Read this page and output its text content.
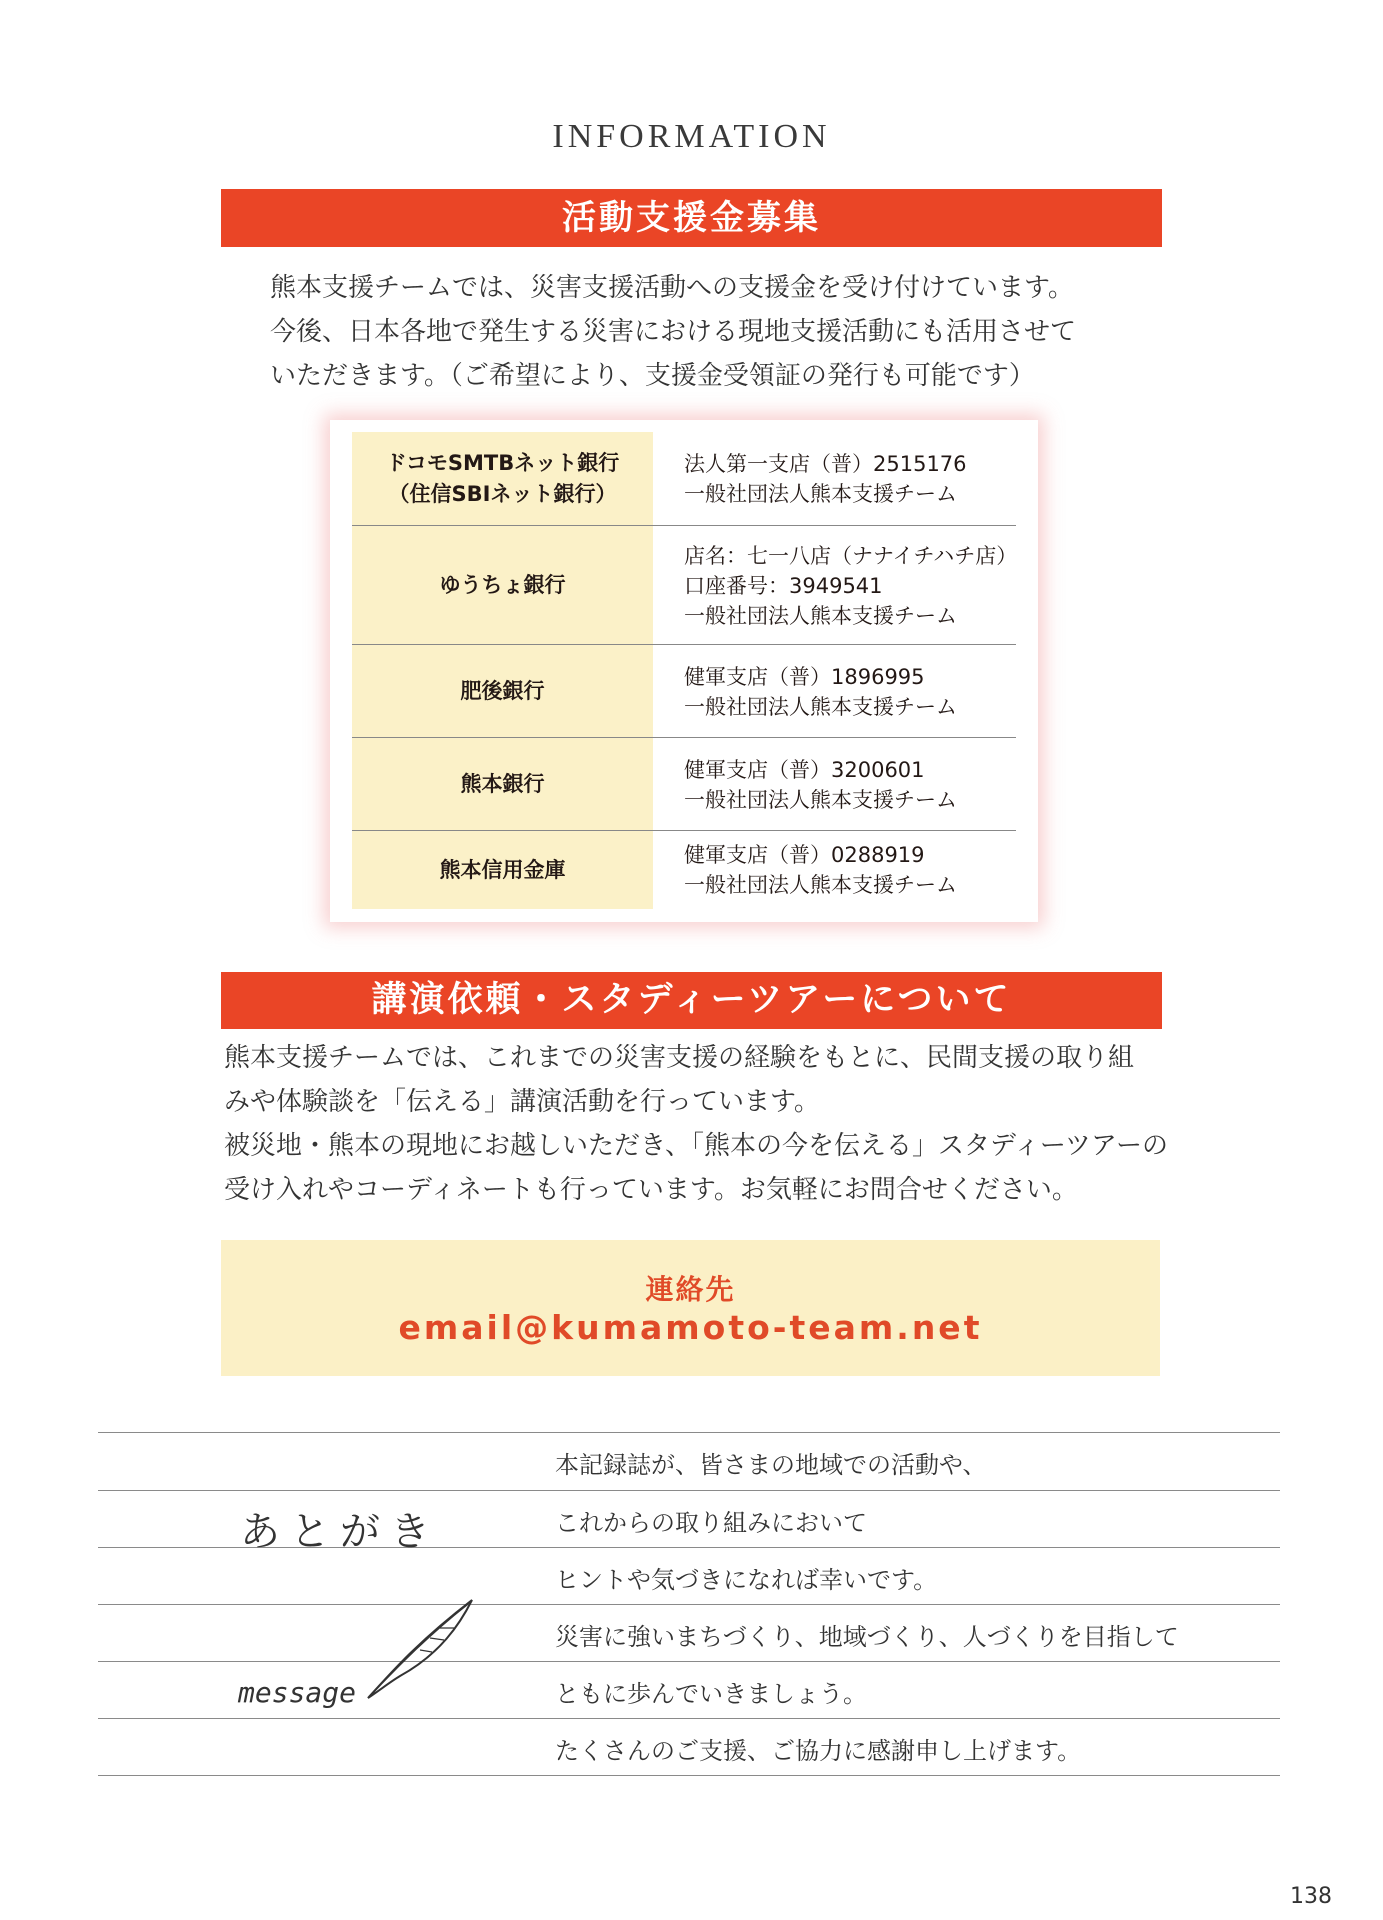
INFORMATION
活動支援金募集
熊本支援チームでは、災害支援活動への支援金を受け付けています。
今後、日本各地で発生する災害における現地支援活動にも活用させて
いただきます。（ご希望により、支援金受領証の発行も可能です）
ドコモSMTBネット銀行
（住信SBIネット銀行）
法人第一支店（普）2515176
一般社団法人熊本支援チーム
ゆうちょ銀行
店名：七一八店（ナナイチハチ店）
口座番号：3949541
一般社団法人熊本支援チーム
肥後銀行
健軍支店（普）1896995
一般社団法人熊本支援チーム
熊本銀行
健軍支店（普）3200601
一般社団法人熊本支援チーム
熊本信用金庫
健軍支店（普）0288919
一般社団法人熊本支援チーム
講演依頼・スタディーツアーについて
熊本支援チームでは、これまでの災害支援の経験をもとに、民間支援の取り組
みや体験談を「伝える」講演活動を行っています。
被災地・熊本の現地にお越しいただき、「熊本の今を伝える」スタディーツアーの
受け入れやコーディネートも行っています。お気軽にお問合せください。
連絡先
email@kumamoto-team.net
あとがき
message
本記録誌が、皆さまの地域での活動や、
これからの取り組みにおいて
ヒントや気づきになれば幸いです。
災害に強いまちづくり、地域づくり、人づくりを目指して
ともに歩んでいきましょう。
たくさんのご支援、ご協力に感謝申し上げます。
138
